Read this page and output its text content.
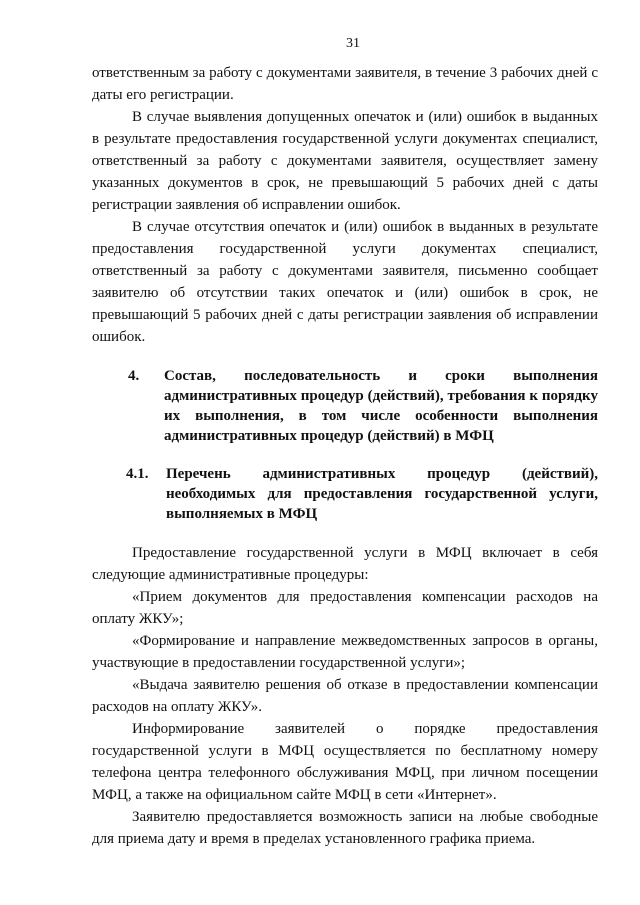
31

ответственным за работу с документами заявителя, в течение 3 рабочих дней с даты его регистрации.

В случае выявления допущенных опечаток и (или) ошибок в выданных в результате предоставления государственной услуги документах специалист, ответственный за работу с документами заявителя, осуществляет замену указанных документов в срок, не превышающий 5 рабочих дней с даты регистрации заявления об исправлении ошибок.

В случае отсутствия опечаток и (или) ошибок в выданных в результате предоставления государственной услуги документах специалист, ответственный за работу с документами заявителя, письменно сообщает заявителю об отсутствии таких опечаток и (или) ошибок в срок, не превышающий 5 рабочих дней с даты регистрации заявления об исправлении ошибок.

4.	Состав, последовательность и сроки выполнения административных процедур (действий), требования к порядку их выполнения, в том числе особенности выполнения административных процедур (действий) в МФЦ
4.1.	Перечень административных процедур (действий), необходимых для предоставления государственной услуги, выполняемых в МФЦ

Предоставление государственной услуги в МФЦ включает в себя следующие административные процедуры:

«Прием документов для предоставления компенсации расходов на оплату ЖКУ»;

«Формирование и направление межведомственных запросов в органы, участвующие в предоставлении государственной услуги»;

«Выдача заявителю решения об отказе в предоставлении компенсации расходов на оплату ЖКУ».

Информирование заявителей о порядке предоставления государственной услуги в МФЦ осуществляется по бесплатному номеру телефона центра телефонного обслуживания МФЦ, при личном посещении МФЦ, а также на официальном сайте МФЦ в сети «Интернет».

Заявителю предоставляется возможность записи на любые свободные для приема дату и время в пределах установленного графика приема.
